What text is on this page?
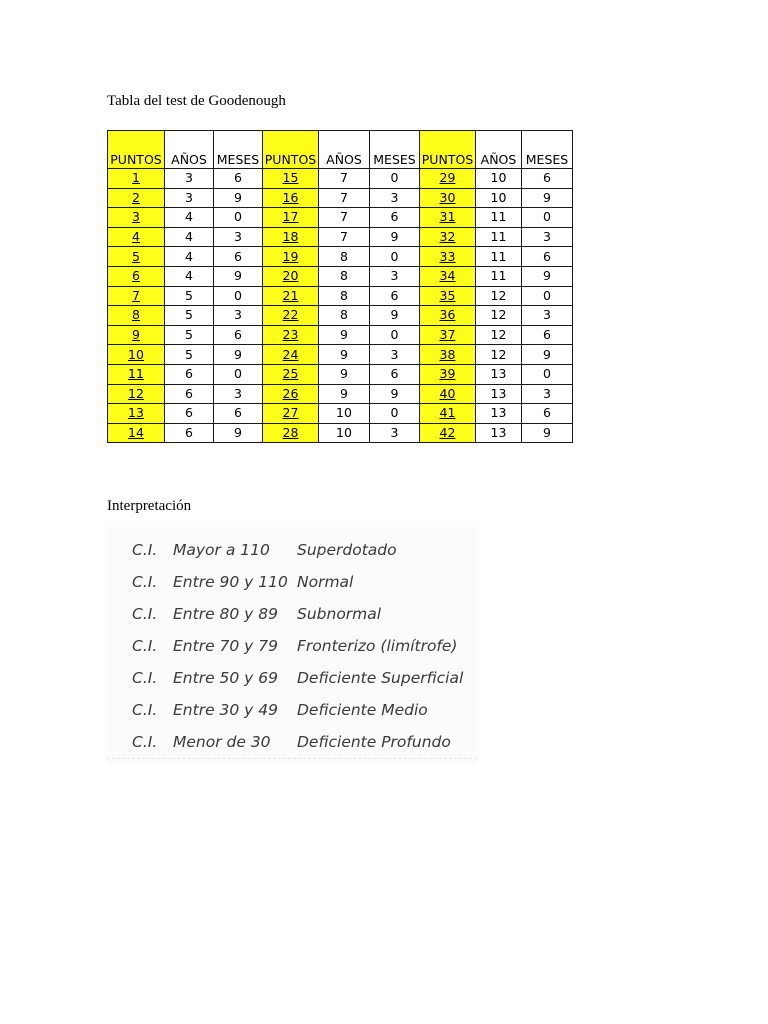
Tabla del test de Goodenough
PUNTOS	AÑOS	MESES	PUNTOS	AÑOS	MESES	PUNTOS	AÑOS	MESES
1	3	6	15	7	0	29	10	6
2	3	9	16	7	3	30	10	9
3	4	0	17	7	6	31	11	0
4	4	3	18	7	9	32	11	3
5	4	6	19	8	0	33	11	6
6	4	9	20	8	3	34	11	9
7	5	0	21	8	6	35	12	0
8	5	3	22	8	9	36	12	3
9	5	6	23	9	0	37	12	6
10	5	9	24	9	3	38	12	9
11	6	0	25	9	6	39	13	0
12	6	3	26	9	9	40	13	3
13	6	6	27	10	0	41	13	6
14	6	9	28	10	3	42	13	9
Interpretación
C.I. Mayor a 110 Superdotado
C.I. Entre 90 y 110 Normal
C.I. Entre 80 y 89 Subnormal
C.I. Entre 70 y 79 Fronterizo (limítrofe)
C.I. Entre 50 y 69 Deficiente Superficial
C.I. Entre 30 y 49 Deficiente Medio
C.I. Menor de 30 Deficiente Profundo
